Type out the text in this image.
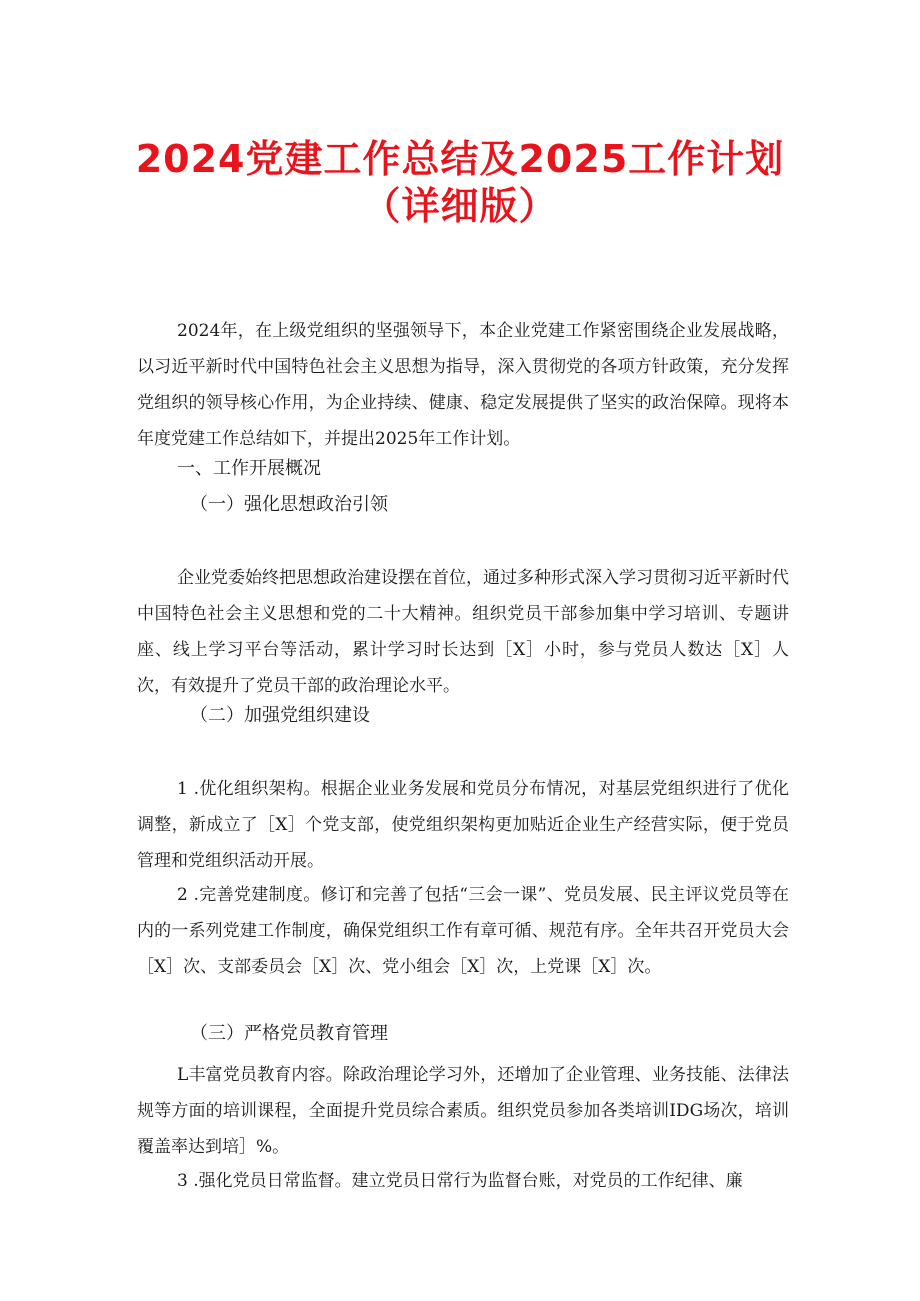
2024党建工作总结及2025工作计划
（详细版）

2024年，在上级党组织的坚强领导下，本企业党建工作紧密围绕企业发展战略，以习近平新时代中国特色社会主义思想为指导，深入贯彻党的各项方针政策，充分发挥党组织的领导核心作用，为企业持续、健康、稳定发展提供了坚实的政治保障。现将本年度党建工作总结如下，并提出2025年工作计划。

一、工作开展概况

（一）强化思想政治引领

企业党委始终把思想政治建设摆在首位，通过多种形式深入学习贯彻习近平新时代中国特色社会主义思想和党的二十大精神。组织党员干部参加集中学习培训、专题讲座、线上学习平台等活动，累计学习时长达到［X］小时，参与党员人数达［X］人次，有效提升了党员干部的政治理论水平。

（二）加强党组织建设

1 .优化组织架构。根据企业业务发展和党员分布情况，对基层党组织进行了优化调整，新成立了［X］个党支部，使党组织架构更加贴近企业生产经营实际，便于党员管理和党组织活动开展。

2 .完善党建制度。修订和完善了包括“三会一课”、党员发展、民主评议党员等在内的一系列党建工作制度，确保党组织工作有章可循、规范有序。全年共召开党员大会［X］次、支部委员会［X］次、党小组会［X］次，上党课［X］次。

（三）严格党员教育管理

L丰富党员教育内容。除政治理论学习外，还增加了企业管理、业务技能、法律法规等方面的培训课程，全面提升党员综合素质。组织党员参加各类培训IDG场次，培训覆盖率达到培］%。

3 .强化党员日常监督。建立党员日常行为监督台账，对党员的工作纪律、廉
